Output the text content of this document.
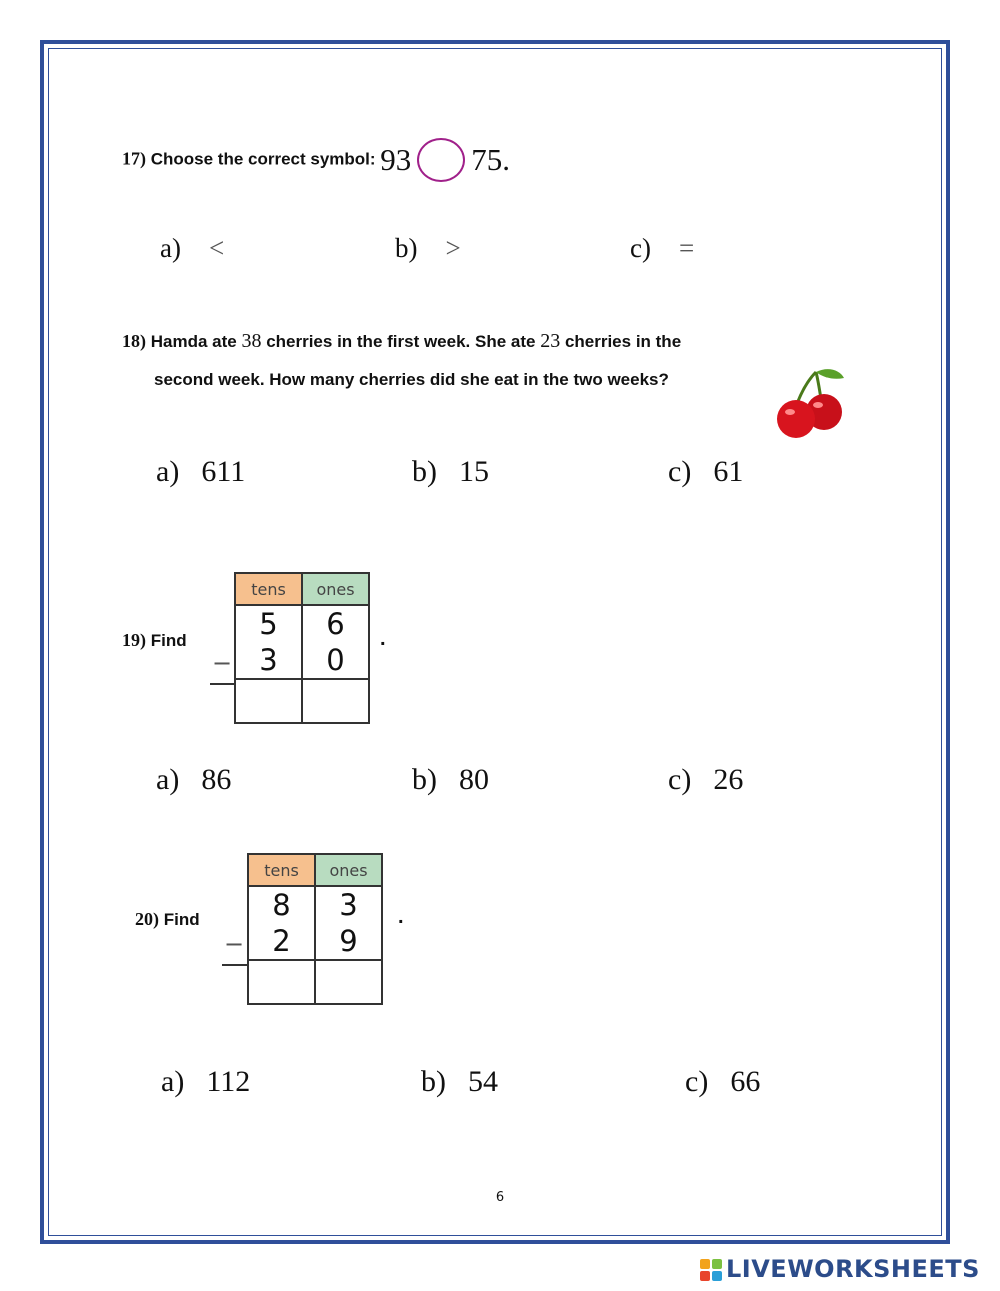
17) Choose the correct symbol: 93 75.
a) <	b) >	c) =
18) Hamda ate 38 cherries in the first week. She ate 23 cherries in the
second week. How many cherries did she eat in the two weeks?
a) 611	b) 15	c) 61
19) Find
tens	ones
5	6
3	0

−
.
a) 86	b) 80	c) 26
20) Find
tens	ones
8	3
2	9

−
.
a) 112	b) 54	c) 66
6
LIVEWORKSHEETS
